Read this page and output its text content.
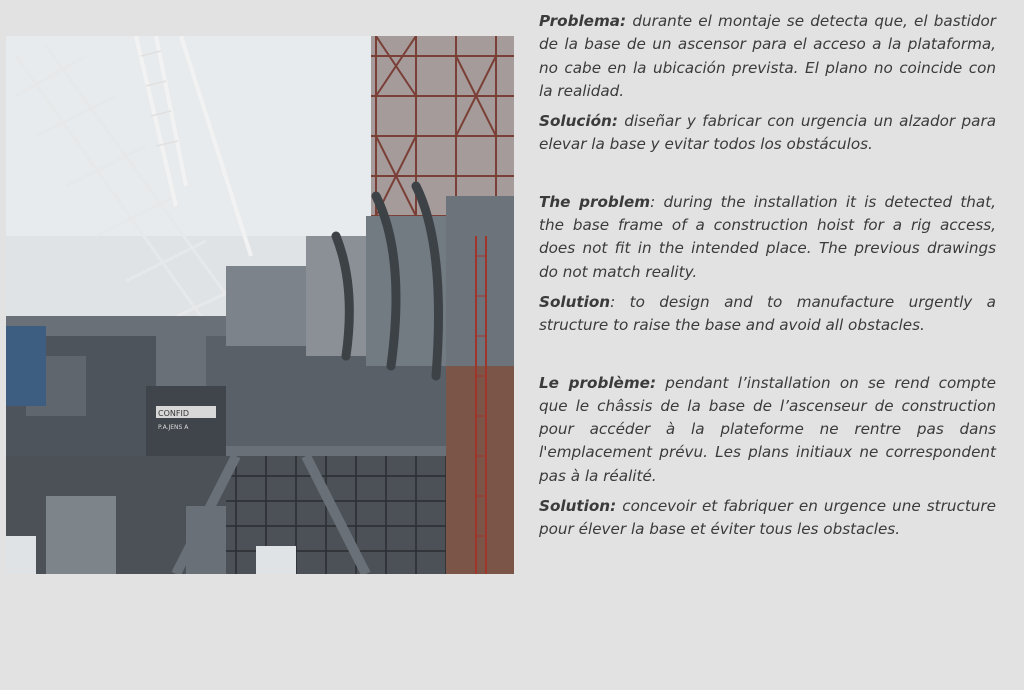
CONFID
P.A.JENS A

Problema: durante el montaje se detecta que, el bastidor de la base de un ascensor para el acceso a la plataforma, no cabe en la ubicación prevista. El plano no coincide con la realidad.

Solución: diseñar y fabricar con urgencia un alzador para elevar la base y evitar todos los obstáculos.

The problem: during the installation it is detected that, the base frame of a construction hoist for a rig access, does not fit in the intended place. The previous drawings do not match reality.

Solution: to design and to manufacture urgently a structure to raise the base and avoid all obstacles.

Le problème: pendant l’installation on se rend compte que le châssis de la base de l’ascenseur de construction pour accéder à la plateforme ne rentre pas dans l'emplacement prévu. Les plans initiaux ne correspondent pas à la réalité.

Solution: concevoir et fabriquer en urgence une structure pour élever la base et éviter tous les obstacles.
